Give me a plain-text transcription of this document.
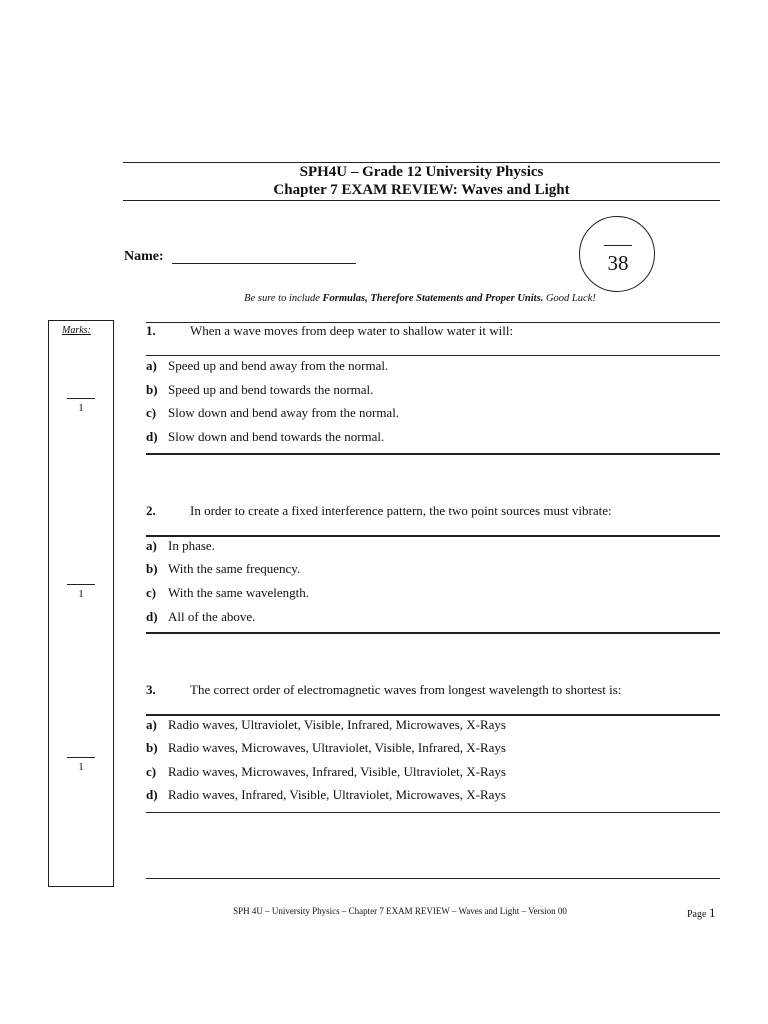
SPH4U – Grade 12 University Physics
Chapter 7 EXAM REVIEW: Waves and Light
Name:	38
Be sure to include Formulas, Therefore Statements and Proper Units. Good Luck!
Marks:
1
1
1
1.	When a wave moves from deep water to shallow water it will:
a) Speed up and bend away from the normal.
b) Speed up and bend towards the normal.
c) Slow down and bend away from the normal.
d) Slow down and bend towards the normal.
2.	In order to create a fixed interference pattern, the two point sources must vibrate:
a) In phase.
b) With the same frequency.
c) With the same wavelength.
d) All of the above.
3.	The correct order of electromagnetic waves from longest wavelength to shortest is:
a) Radio waves, Ultraviolet, Visible, Infrared, Microwaves, X-Rays
b) Radio waves, Microwaves, Ultraviolet, Visible, Infrared, X-Rays
c) Radio waves, Microwaves, Infrared, Visible, Ultraviolet, X-Rays
d) Radio waves, Infrared, Visible, Ultraviolet, Microwaves, X-Rays
SPH 4U – University Physics – Chapter 7 EXAM REVIEW – Waves and Light – Version 00	Page 1
